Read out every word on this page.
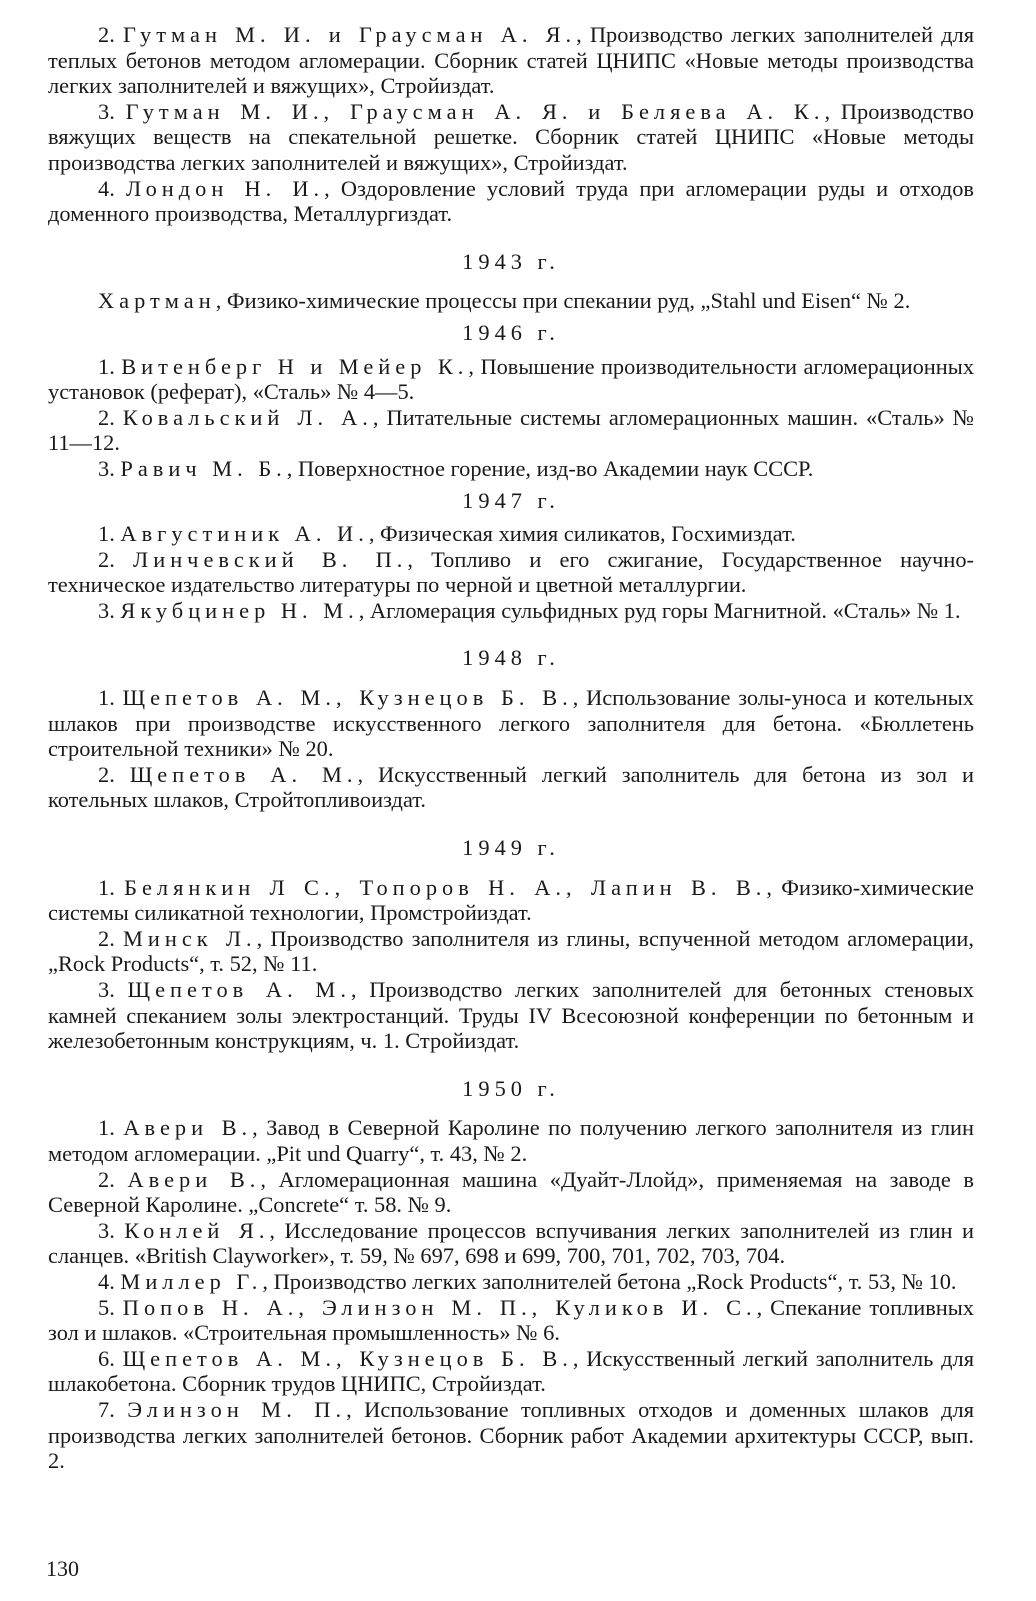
2. Гутман М. И. и Грауcман А. Я., Производство легких заполнителей для теплых бетонов методом агломерации. Сборник статей ЦНИПС «Новые методы производства легких заполнителей и вяжущих», Стройиздат.

3. Гутман М. И., Грауcман А. Я. и Беляева А. К., Производство вяжущих веществ на спекательной решетке. Сборник статей ЦНИПС «Новые методы производства легких заполнителей и вяжущих», Стройиздат.

4. Лондон Н. И., Оздоровление условий труда при агломерации руды и отходов доменного производства, Металлургиздат.

1943 г.

Хартман, Физико-химические процессы при спекании руд, „Stahl und Eisen“ № 2.

1946 г.

1. Витенберг Н и Мейер К., Повышение производительности агломерационных установок (реферат), «Сталь» № 4—5.

2. Ковальский Л. А., Питательные системы агломерационных машин. «Сталь» № 11—12.

3. Равич М. Б., Поверхностное горение, изд-во Академии наук СССР.

1947 г.

1. Августиник А. И., Физическая химия силикатов, Госхимиздат.

2. Линчевский В. П., Топливо и его сжигание, Государственное научно-техническое издательство литературы по черной и цветной металлургии.

3. Якубцинер Н. М., Агломерация сульфидных руд горы Магнитной. «Сталь» № 1.

1948 г.

1. Щепетов А. М., Кузнецов Б. В., Использование золы-уноса и котельных шлаков при производстве искусственного легкого заполнителя для бетона. «Бюллетень строительной техники» № 20.

2. Щепетов А. М., Искусственный легкий заполнитель для бетона из зол и котельных шлаков, Стройтопливоиздат.

1949 г.

1. Белянкин Л С., Топоров Н. А., Лапин В. В., Физико-химические системы силикатной технологии, Промстройиздат.

2. Минск Л., Производство заполнителя из глины, вспученной методом агломерации, „Rock Products“, т. 52, № 11.

3. Щепетов А. М., Производство легких заполнителей для бетонных стеновых камней спеканием золы электростанций. Труды IV Всесоюзной конференции по бетонным и железобетонным конструкциям, ч. 1. Стройиздат.

1950 г.

1. Авери В., Завод в Северной Каролине по получению легкого заполнителя из глин методом агломерации. „Pit und Quarry“, т. 43, № 2.

2. Авери В., Агломерационная машина «Дуайт-Ллойд», применяемая на заводе в Северной Каролине. „Concrete“ т. 58. № 9.

3. Конлей Я., Исследование процессов вспучивания легких заполнителей из глин и сланцев. «British Clayworker», т. 59, № 697, 698 и 699, 700, 701, 702, 703, 704.

4. Миллер Г., Производство легких заполнителей бетона „Rock Products“, т. 53, № 10.

5. Попов Н. А., Элинзон М. П., Куликов И. С., Спекание топливных зол и шлаков. «Строительная промышленность» № 6.

6. Щепетов А. М., Кузнецов Б. В., Искусственный легкий заполнитель для шлакобетона. Сборник трудов ЦНИПС, Стройиздат.

7. Элинзон М. П., Использование топливных отходов и доменных шлаков для производства легких заполнителей бетонов. Сборник работ Академии архитектуры СССР, вып. 2.

130
